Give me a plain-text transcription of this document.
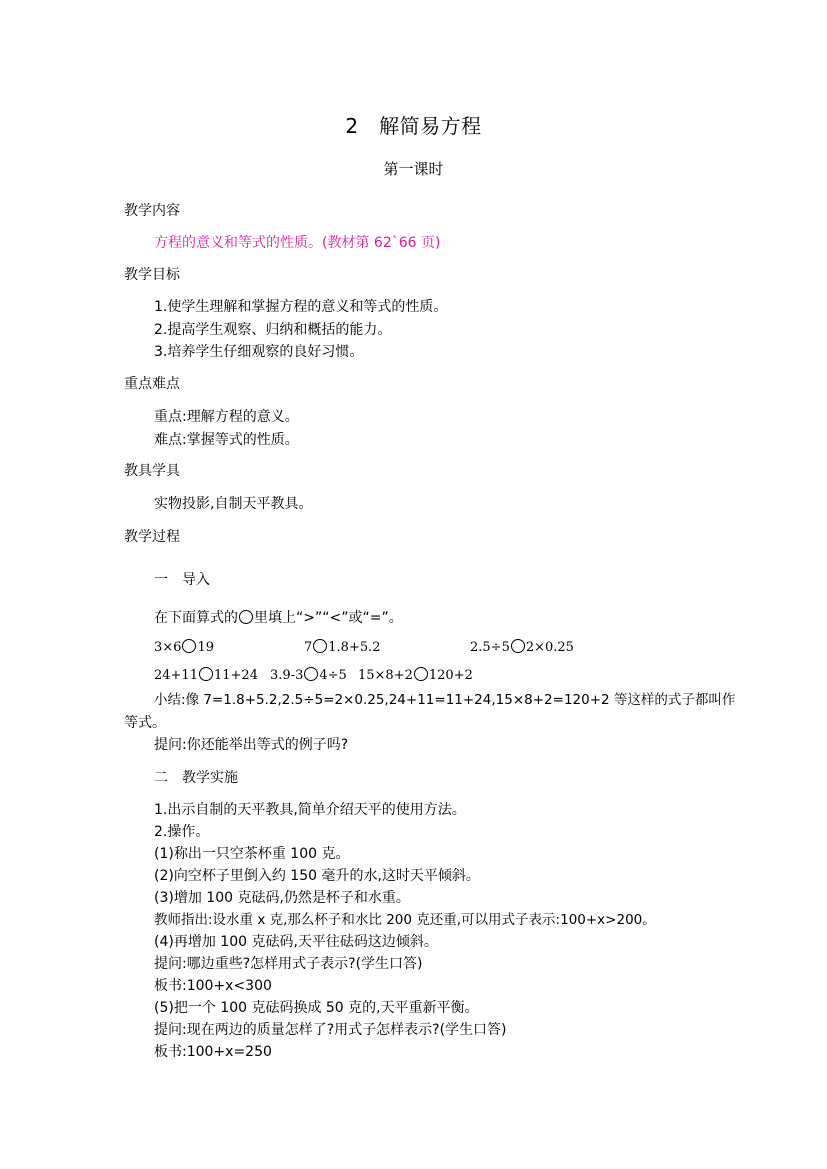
2　解简易方程
第一课时
教学内容
方程的意义和等式的性质。(教材第 62`66 页)
教学目标
1.使学生理解和掌握方程的意义和等式的性质。
2.提高学生观察、归纳和概括的能力。
3.培养学生仔细观察的良好习惯。
重点难点
重点:理解方程的意义。
难点:掌握等式的性质。
教具学具
实物投影,自制天平教具。
教学过程
一　导入
在下面算式的 里填上“>”“<”或“=”。
3×6 19	7 1.8+5.2	2.5÷5 2×0.25
24+11 11+24 3.9-3 4÷5 15×8+2 120+2
小结:像 7=1.8+5.2,2.5÷5=2×0.25,24+11=11+24,15×8+2=120+2 等这样的式子都叫作
等式。
提问:你还能举出等式的例子吗?
二　教学实施
1.出示自制的天平教具,简单介绍天平的使用方法。
2.操作。
(1)称出一只空茶杯重 100 克。
(2)向空杯子里倒入约 150 毫升的水,这时天平倾斜。
(3)增加 100 克砝码,仍然是杯子和水重。
教师指出:设水重 x 克,那么杯子和水比 200 克还重,可以用式子表示:100+x>200。
(4)再增加 100 克砝码,天平往砝码这边倾斜。
提问:哪边重些?怎样用式子表示?(学生口答)
板书:100+x<300
(5)把一个 100 克砝码换成 50 克的,天平重新平衡。
提问:现在两边的质量怎样了?用式子怎样表示?(学生口答)
板书:100+x=250
